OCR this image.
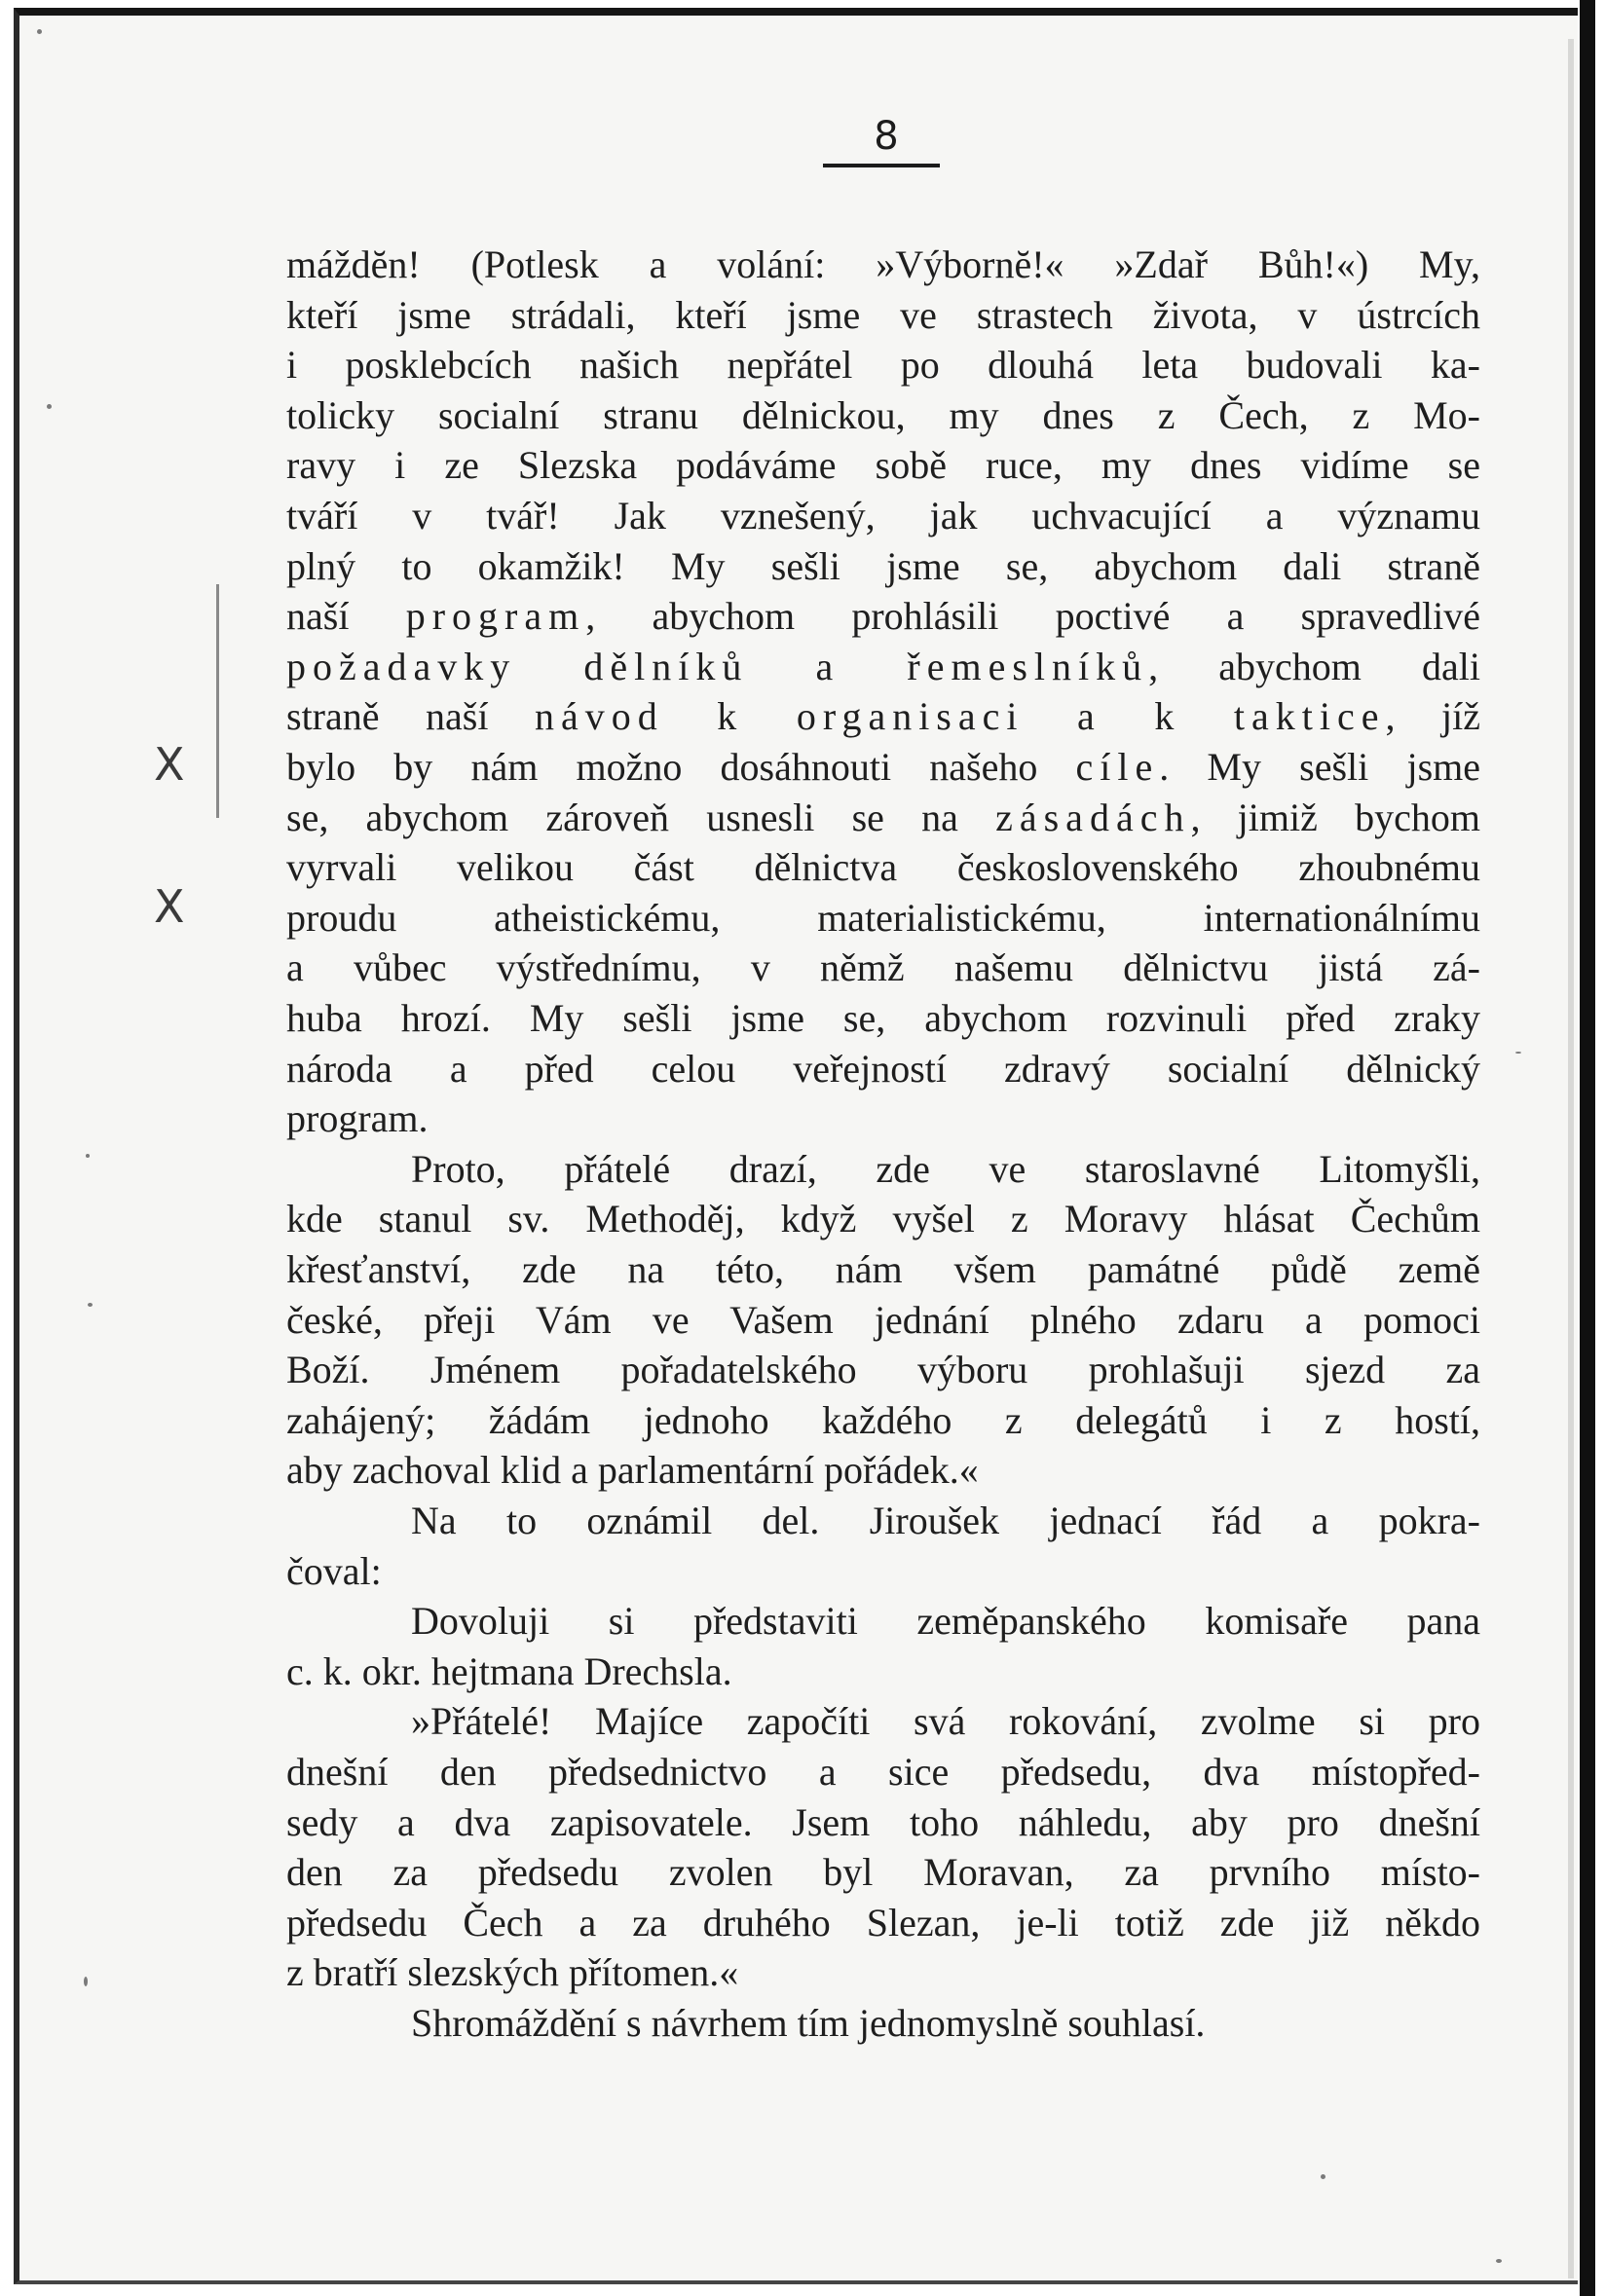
8
X
X
máždĕn! (Potlesk a volání: »Výbornĕ!« »Zdař Bůh!«) My,
kteří jsme strádali, kteří jsme ve strastech života, v ústrcích
i posklebcích našich nepřátel po dlouhá leta budovali ka-
tolicky socialní stranu dělnickou, my dnes z Čech, z Mo-
ravy i ze Slezska podáváme sobě ruce, my dnes vidíme se
tváří v tvář! Jak vznešený, jak uchvacující a významu
plný to okamžik! My sešli jsme se, abychom dali straně
naší program, abychom prohlásili poctivé a spravedlivé
požadavky dělníků a řemeslníků, abychom dali
straně naší návod k organisaci a k taktice, jíž
bylo by nám možno dosáhnouti našeho cíle. My sešli jsme
se, abychom zároveň usnesli se na zásadách, jimiž bychom
vyrvali velikou část dělnictva československého zhoubnému
proudu atheistickému, materialistickému, internationálnímu
a vůbec výstřednímu, v němž našemu dělnictvu jistá zá-
huba hrozí. My sešli jsme se, abychom rozvinuli před zraky
národa a před celou veřejností zdravý socialní dělnický
program.
Proto, přátelé drazí, zde ve staroslavné Litomyšli,
kde stanul sv. Methoděj, když vyšel z Moravy hlásat Čechům
křesťanství, zde na této, nám všem památné půdě země
české, přeji Vám ve Vašem jednání plného zdaru a pomoci
Boží. Jménem pořadatelského výboru prohlašuji sjezd za
zahájený; žádám jednoho každého z delegátů i z hostí,
aby zachoval klid a parlamentární pořádek.«
Na to oznámil del. Jiroušek jednací řád a pokra-
čoval:
Dovoluji si představiti zeměpanského komisaře pana
c. k. okr. hejtmana Drechsla.
»Přátelé! Majíce započíti svá rokování, zvolme si pro
dnešní den předsednictvo a sice předsedu, dva místopřed-
sedy a dva zapisovatele. Jsem toho náhledu, aby pro dnešní
den za předsedu zvolen byl Moravan, za prvního místo-
předsedu Čech a za druhého Slezan, je-li totiž zde již někdo
z bratří slezských přítomen.«
Shromáždění s návrhem tím jednomyslně souhlasí.
